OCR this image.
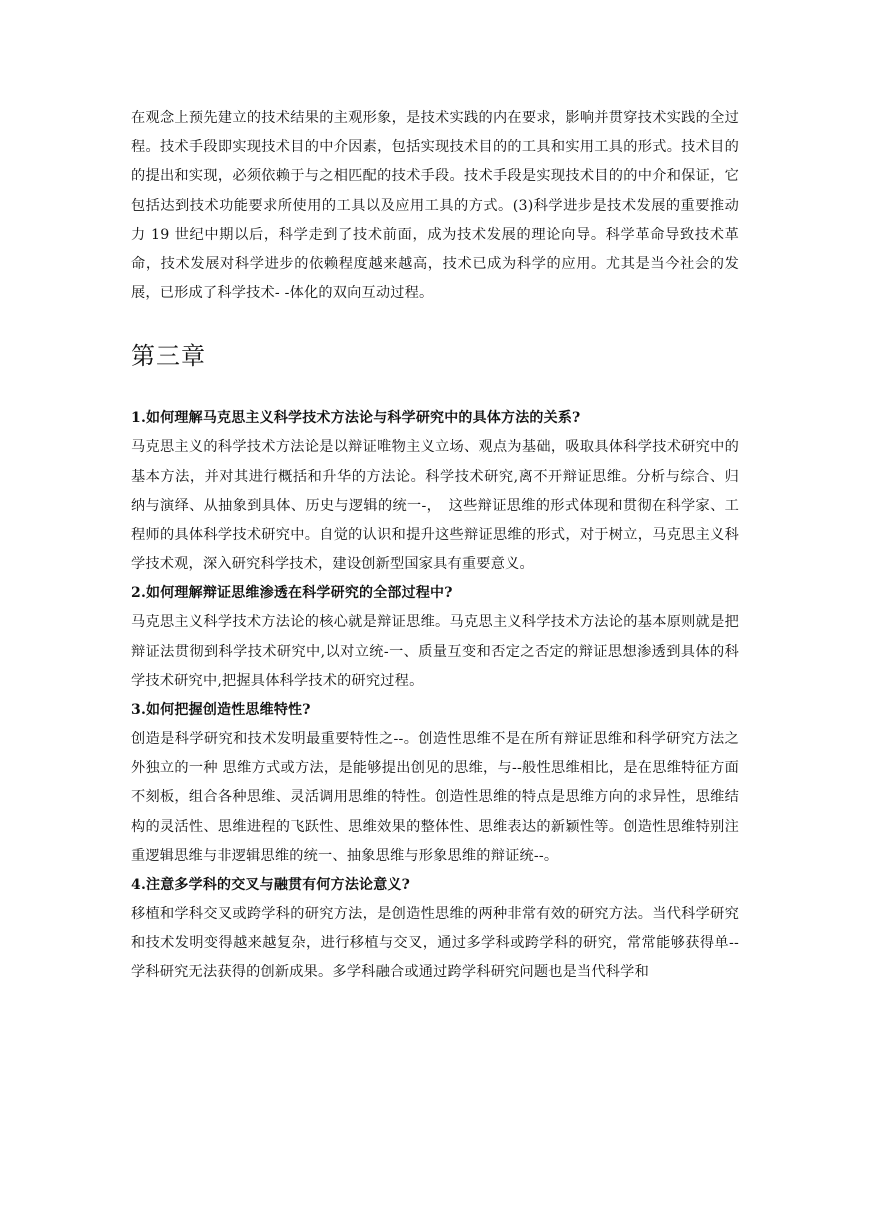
在观念上预先建立的技术结果的主观形象，是技术实践的内在要求，影响并贯穿技术实践的全过程。技术手段即实现技术目的中介因素，包括实现技术目的的工具和实用工具的形式。技术目的的提出和实现，必须依赖于与之相匹配的技术手段。技术手段是实现技术目的的中介和保证，它包括达到技术功能要求所使用的工具以及应用工具的方式。(3)科学进步是技术发展的重要推动力 19 世纪中期以后，科学走到了技术前面，成为技术发展的理论向导。科学革命导致技术革命，技术发展对科学进步的依赖程度越来越高，技术已成为科学的应用。尤其是当今社会的发展，已形成了科学技术- -体化的双向互动过程。

第三章

1.如何理解马克思主义科学技术方法论与科学研究中的具体方法的关系?

马克思主义的科学技术方法论是以辩证唯物主义立场、观点为基础，吸取具体科学技术研究中的基本方法，并对其进行概括和升华的方法论。科学技术研究,离不开辩证思维。分析与综合、归纳与演绎、从抽象到具体、历史与逻辑的统一-，　这些辩证思维的形式体现和贯彻在科学家、工程师的具体科学技术研究中。自觉的认识和提升这些辩证思维的形式，对于树立，马克思主义科学技术观，深入研究科学技术，建设创新型国家具有重要意义。

2.如何理解辩证思维渗透在科学研究的全部过程中?

马克思主义科学技术方法论的核心就是辩证思维。马克思主义科学技术方法论的基本原则就是把辩证法贯彻到科学技术研究中,以对立统-一、质量互变和否定之否定的辩证思想渗透到具体的科学技术研究中,把握具体科学技术的研究过程。

3.如何把握创造性思维特性?

创造是科学研究和技术发明最重要特性之--。创造性思维不是在所有辩证思维和科学研究方法之外独立的一种 思维方式或方法，是能够提出创见的思维，与--般性思维相比，是在思维特征方面不刻板，组合各种思维、灵活调用思维的特性。创造性思维的特点是思维方向的求异性，思维结构的灵活性、思维进程的飞跃性、思维效果的整体性、思维表达的新颖性等。创造性思维特别注重逻辑思维与非逻辑思维的统一、抽象思维与形象思维的辩证统--。

4.注意多学科的交叉与融贯有何方法论意义?

移植和学科交叉或跨学科的研究方法，是创造性思维的两种非常有效的研究方法。当代科学研究和技术发明变得越来越复杂，进行移植与交叉，通过多学科或跨学科的研究，常常能够获得单--学科研究无法获得的创新成果。多学科融合或通过跨学科研究问题也是当代科学和
